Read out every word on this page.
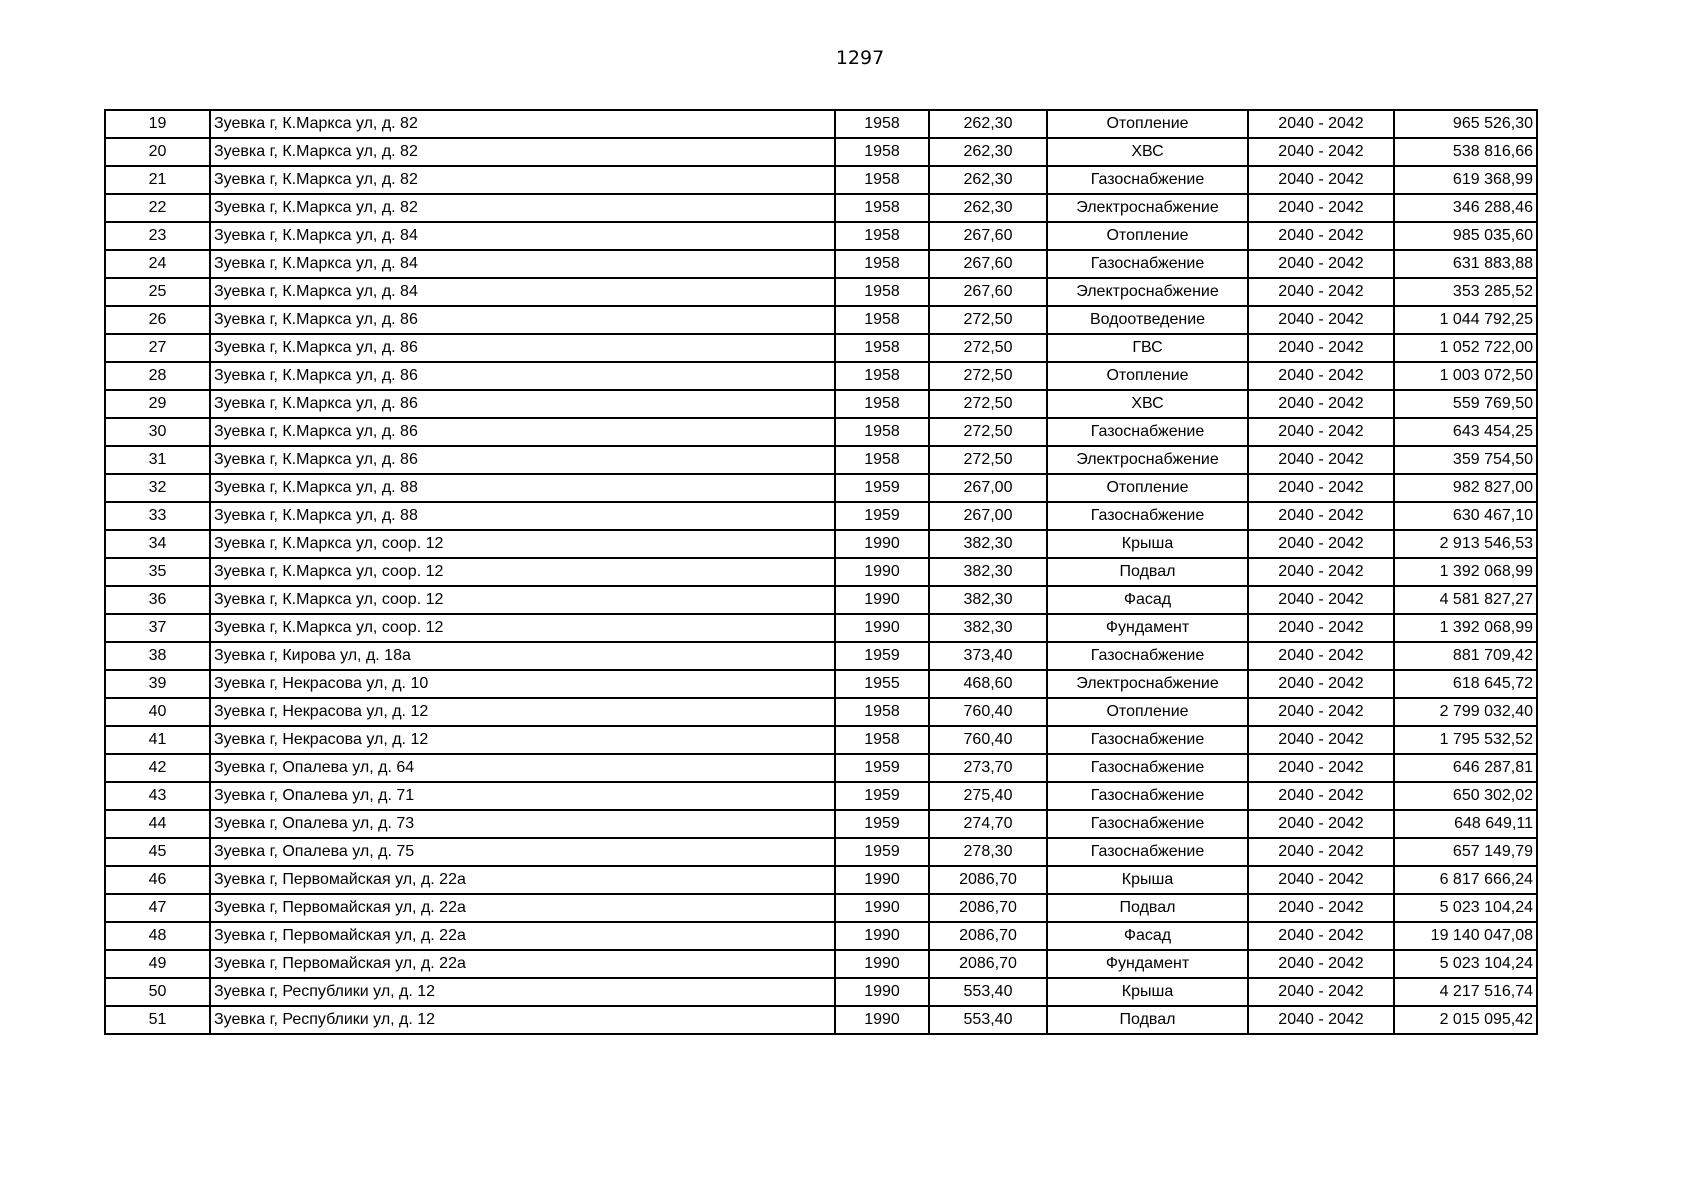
1297
19	Зуевка г, К.Маркса ул, д. 82	1958	262,30	Отопление	2040 - 2042	965 526,30
20	Зуевка г, К.Маркса ул, д. 82	1958	262,30	ХВС	2040 - 2042	538 816,66
21	Зуевка г, К.Маркса ул, д. 82	1958	262,30	Газоснабжение	2040 - 2042	619 368,99
22	Зуевка г, К.Маркса ул, д. 82	1958	262,30	Электроснабжение	2040 - 2042	346 288,46
23	Зуевка г, К.Маркса ул, д. 84	1958	267,60	Отопление	2040 - 2042	985 035,60
24	Зуевка г, К.Маркса ул, д. 84	1958	267,60	Газоснабжение	2040 - 2042	631 883,88
25	Зуевка г, К.Маркса ул, д. 84	1958	267,60	Электроснабжение	2040 - 2042	353 285,52
26	Зуевка г, К.Маркса ул, д. 86	1958	272,50	Водоотведение	2040 - 2042	1 044 792,25
27	Зуевка г, К.Маркса ул, д. 86	1958	272,50	ГВС	2040 - 2042	1 052 722,00
28	Зуевка г, К.Маркса ул, д. 86	1958	272,50	Отопление	2040 - 2042	1 003 072,50
29	Зуевка г, К.Маркса ул, д. 86	1958	272,50	ХВС	2040 - 2042	559 769,50
30	Зуевка г, К.Маркса ул, д. 86	1958	272,50	Газоснабжение	2040 - 2042	643 454,25
31	Зуевка г, К.Маркса ул, д. 86	1958	272,50	Электроснабжение	2040 - 2042	359 754,50
32	Зуевка г, К.Маркса ул, д. 88	1959	267,00	Отопление	2040 - 2042	982 827,00
33	Зуевка г, К.Маркса ул, д. 88	1959	267,00	Газоснабжение	2040 - 2042	630 467,10
34	Зуевка г, К.Маркса ул, соор. 12	1990	382,30	Крыша	2040 - 2042	2 913 546,53
35	Зуевка г, К.Маркса ул, соор. 12	1990	382,30	Подвал	2040 - 2042	1 392 068,99
36	Зуевка г, К.Маркса ул, соор. 12	1990	382,30	Фасад	2040 - 2042	4 581 827,27
37	Зуевка г, К.Маркса ул, соор. 12	1990	382,30	Фундамент	2040 - 2042	1 392 068,99
38	Зуевка г, Кирова ул, д. 18а	1959	373,40	Газоснабжение	2040 - 2042	881 709,42
39	Зуевка г, Некрасова ул, д. 10	1955	468,60	Электроснабжение	2040 - 2042	618 645,72
40	Зуевка г, Некрасова ул, д. 12	1958	760,40	Отопление	2040 - 2042	2 799 032,40
41	Зуевка г, Некрасова ул, д. 12	1958	760,40	Газоснабжение	2040 - 2042	1 795 532,52
42	Зуевка г, Опалева ул, д. 64	1959	273,70	Газоснабжение	2040 - 2042	646 287,81
43	Зуевка г, Опалева ул, д. 71	1959	275,40	Газоснабжение	2040 - 2042	650 302,02
44	Зуевка г, Опалева ул, д. 73	1959	274,70	Газоснабжение	2040 - 2042	648 649,11
45	Зуевка г, Опалева ул, д. 75	1959	278,30	Газоснабжение	2040 - 2042	657 149,79
46	Зуевка г, Первомайская ул, д. 22а	1990	2086,70	Крыша	2040 - 2042	6 817 666,24
47	Зуевка г, Первомайская ул, д. 22а	1990	2086,70	Подвал	2040 - 2042	5 023 104,24
48	Зуевка г, Первомайская ул, д. 22а	1990	2086,70	Фасад	2040 - 2042	19 140 047,08
49	Зуевка г, Первомайская ул, д. 22а	1990	2086,70	Фундамент	2040 - 2042	5 023 104,24
50	Зуевка г, Республики ул, д. 12	1990	553,40	Крыша	2040 - 2042	4 217 516,74
51	Зуевка г, Республики ул, д. 12	1990	553,40	Подвал	2040 - 2042	2 015 095,42
